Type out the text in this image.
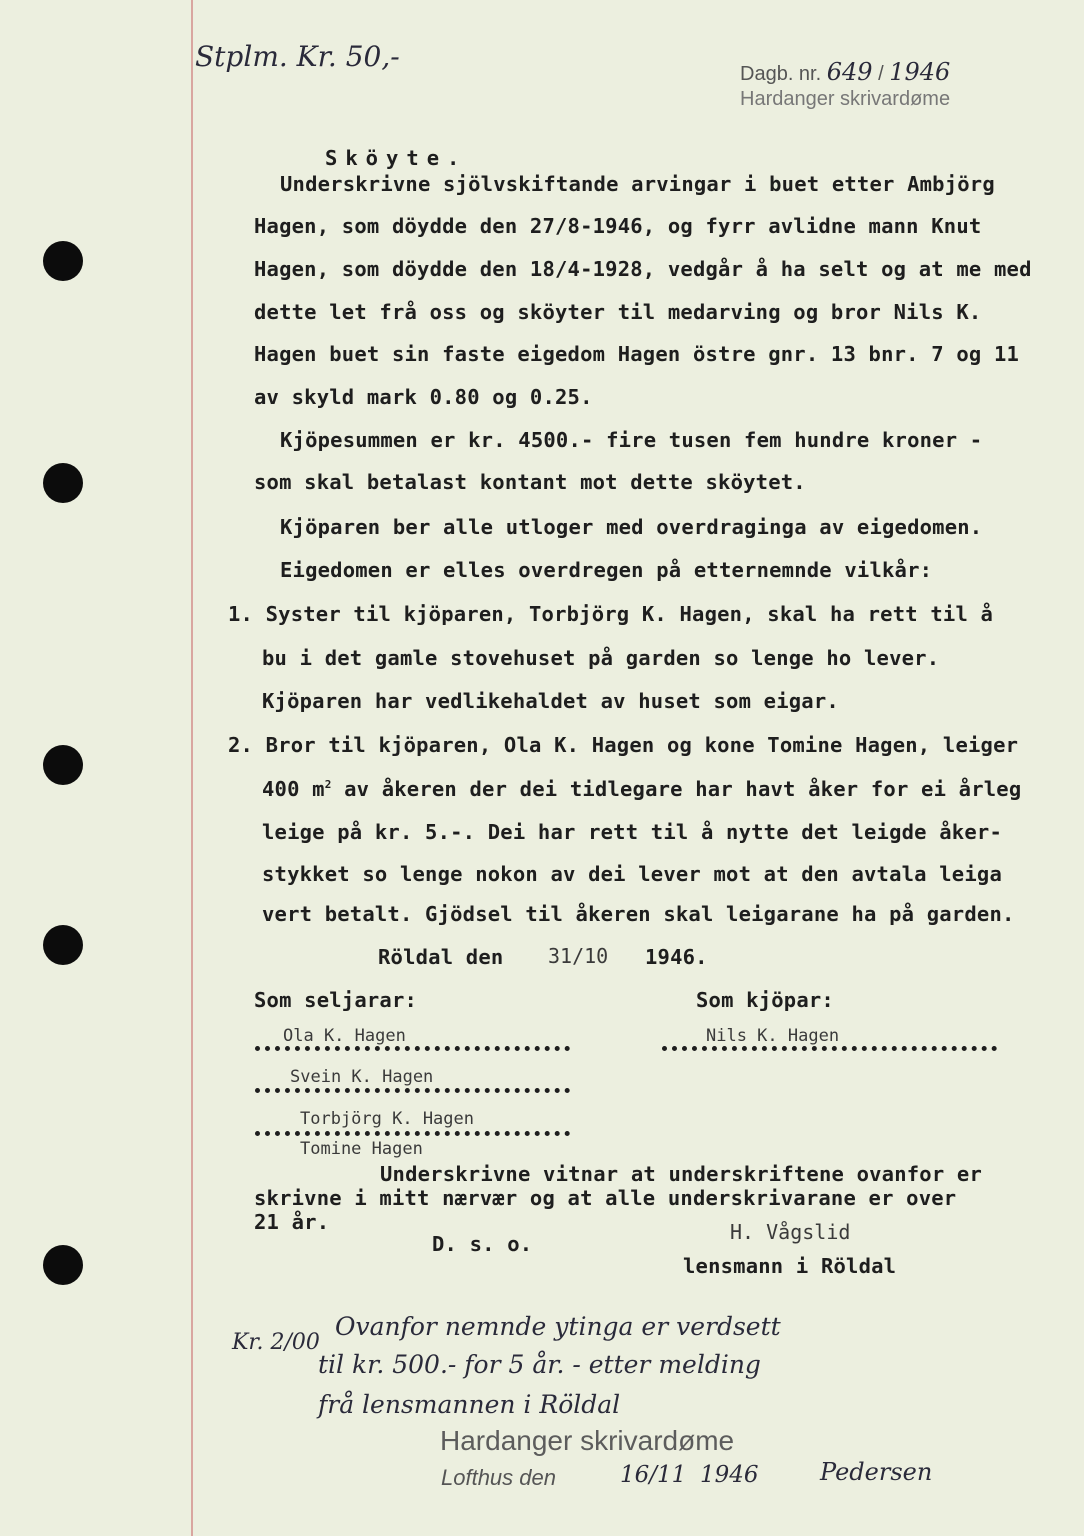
Stplm. Kr. 50,-
Dagb. nr. 649 / 1946
Hardanger skrivardøme
Sköyte.
Underskrivne sjölvskiftande arvingar i buet etter Ambjörg
Hagen, som döydde den 27/8-1946, og fyrr avlidne mann Knut
Hagen, som döydde den 18/4-1928, vedgår å ha selt og at me med
dette let frå oss og sköyter til medarving og bror Nils K.
Hagen buet sin faste eigedom Hagen östre gnr. 13 bnr. 7 og 11
av skyld mark 0.80 og 0.25.
Kjöpesummen er kr. 4500.- fire tusen fem hundre kroner -
som skal betalast kontant mot dette sköytet.
Kjöparen ber alle utloger med overdraginga av eigedomen.
Eigedomen er elles overdregen på etternemnde vilkår:
1. Syster til kjöparen, Torbjörg K. Hagen, skal ha rett til å
bu i det gamle stovehuset på garden so lenge ho lever.
Kjöparen har vedlikehaldet av huset som eigar.
2. Bror til kjöparen, Ola K. Hagen og kone Tomine Hagen, leiger
400 $m^2$ av åkeren der dei tidlegare har havt åker for ei årleg
leige på kr. 5.-. Dei har rett til å nytte det leigde åker-
stykket so lenge nokon av dei lever mot at den avtala leiga
vert betalt. Gjödsel til åkeren skal leigarane ha på garden.
Röldal den 31/10 1946.
Som seljarar:	Som kjöpar:
Ola K. Hagen	Nils K. Hagen
Svein K. Hagen
Torbjörg K. Hagen
Tomine Hagen
Underskrivne vitnar at underskriftene ovanfor er
skrivne i mitt nærvær og at alle underskrivarane er over
21 år.	H. Vågslid
D. s. o.
lensmann i Röldal
Kr. 2/00
Ovanfor nemnde ytinga er verdsett
til kr. 500.- for 5 år. - etter melding
frå lensmannen i Röldal
Hardanger skrivardøme
Lofthus den	16/11 1946	Pedersen
